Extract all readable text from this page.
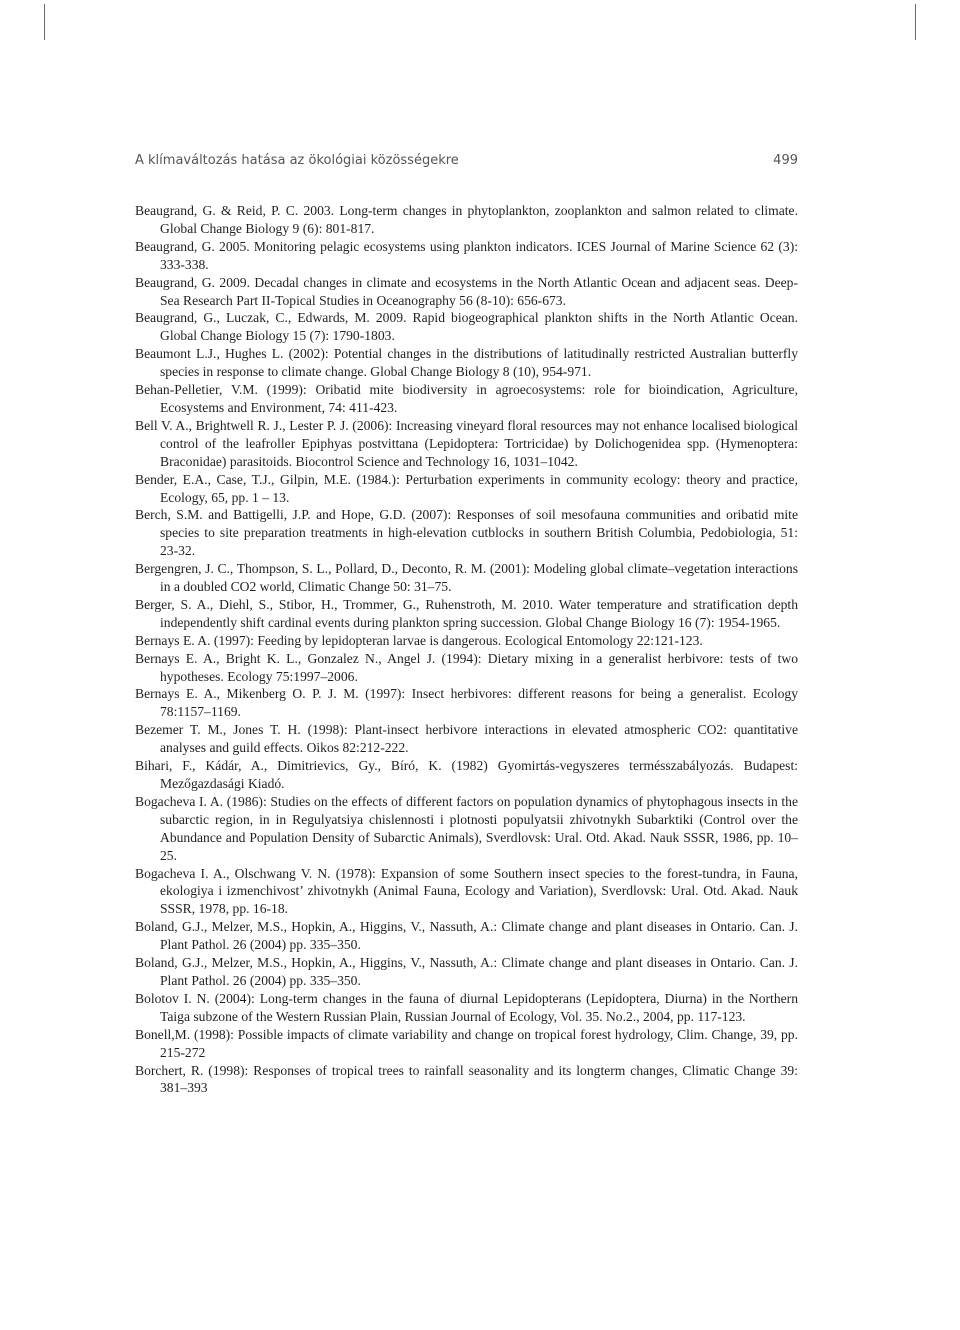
A klímaváltozás hatása az ökológiai közösségekre	499

Beaugrand, G. & Reid, P. C. 2003. Long-term changes in phytoplankton, zooplankton and salmon related to climate. Global Change Biology 9 (6): 801-817.

Beaugrand, G. 2005. Monitoring pelagic ecosystems using plankton indicators. ICES Journal of Marine Science 62 (3): 333-338.

Beaugrand, G. 2009. Decadal changes in climate and ecosystems in the North Atlantic Ocean and adjacent seas. Deep-Sea Research Part II-Topical Studies in Oceanography 56 (8-10): 656-673.

Beaugrand, G., Luczak, C., Edwards, M. 2009. Rapid biogeographical plankton shifts in the North Atlantic Ocean. Global Change Biology 15 (7): 1790-1803.

Beaumont L.J., Hughes L. (2002): Potential changes in the distributions of latitudinally restricted Australian butterfly species in response to climate change. Global Change Biology 8 (10), 954-971.

Behan-Pelletier, V.M. (1999): Oribatid mite biodiversity in agroecosystems: role for bioindication, Agriculture, Ecosystems and Environment, 74: 411-423.

Bell V. A., Brightwell R. J., Lester P. J. (2006): Increasing vineyard floral resources may not enhance localised biological control of the leafroller Epiphyas postvittana (Lepidoptera: Tortricidae) by Dolichogenidea spp. (Hymenoptera: Braconidae) parasitoids. Biocontrol Science and Technology 16, 1031–1042.

Bender, E.A., Case, T.J., Gilpin, M.E. (1984.): Perturbation experiments in community ecology: theory and practice, Ecology, 65, pp. 1 – 13.

Berch, S.M. and Battigelli, J.P. and Hope, G.D. (2007): Responses of soil mesofauna communities and oribatid mite species to site preparation treatments in high-elevation cutblocks in southern British Columbia, Pedobiologia, 51: 23-32.

Bergengren, J. C., Thompson, S. L., Pollard, D., Deconto, R. M. (2001): Modeling global climate–vegetation interactions in a doubled CO2 world, Climatic Change 50: 31–75.

Berger, S. A., Diehl, S., Stibor, H., Trommer, G., Ruhenstroth, M. 2010. Water temperature and stratification depth independently shift cardinal events during plankton spring succession. Global Change Biology 16 (7): 1954-1965.

Bernays E. A. (1997): Feeding by lepidopteran larvae is dangerous. Ecological Entomology 22:121-123.

Bernays E. A., Bright K. L., Gonzalez N., Angel J. (1994): Dietary mixing in a generalist herbivore: tests of two hypotheses. Ecology 75:1997–2006.

Bernays E. A., Mikenberg O. P. J. M. (1997): Insect herbivores: different reasons for being a generalist. Ecology 78:1157–1169.

Bezemer T. M., Jones T. H. (1998): Plant-insect herbivore interactions in elevated atmospheric CO2: quantitative analyses and guild effects. Oikos 82:212-222.

Bihari, F., Kádár, A., Dimitrievics, Gy., Bíró, K. (1982) Gyomirtás-vegyszeres termésszabályozás. Budapest: Mezőgazdasági Kiadó.

Bogacheva I. A. (1986): Studies on the effects of different factors on population dynamics of phytophagous insects in the subarctic region, in in Regulyatsiya chislennosti i plotnosti populyatsii zhivotnykh Subarktiki (Control over the Abundance and Population Density of Subarctic Animals), Sverdlovsk: Ural. Otd. Akad. Nauk SSSR, 1986, pp. 10–25.

Bogacheva I. A., Olschwang V. N. (1978): Expansion of some Southern insect species to the forest-tundra, in Fauna, ekologiya i izmenchivost’ zhivotnykh (Animal Fauna, Ecology and Variation), Sverdlovsk: Ural. Otd. Akad. Nauk SSSR, 1978, pp. 16-18.

Boland, G.J., Melzer, M.S., Hopkin, A., Higgins, V., Nassuth, A.: Climate change and plant diseases in Ontario. Can. J. Plant Pathol. 26 (2004) pp. 335–350.

Boland, G.J., Melzer, M.S., Hopkin, A., Higgins, V., Nassuth, A.: Climate change and plant diseases in Ontario. Can. J. Plant Pathol. 26 (2004) pp. 335–350.

Bolotov I. N. (2004): Long-term changes in the fauna of diurnal Lepidopterans (Lepidoptera, Diurna) in the Northern Taiga subzone of the Western Russian Plain, Russian Journal of Ecology, Vol. 35. No.2., 2004, pp. 117-123.

Bonell,M. (1998): Possible impacts of climate variability and change on tropical forest hydrology, Clim. Change, 39, pp. 215-272

Borchert, R. (1998): Responses of tropical trees to rainfall seasonality and its longterm changes, Climatic Change 39: 381–393
